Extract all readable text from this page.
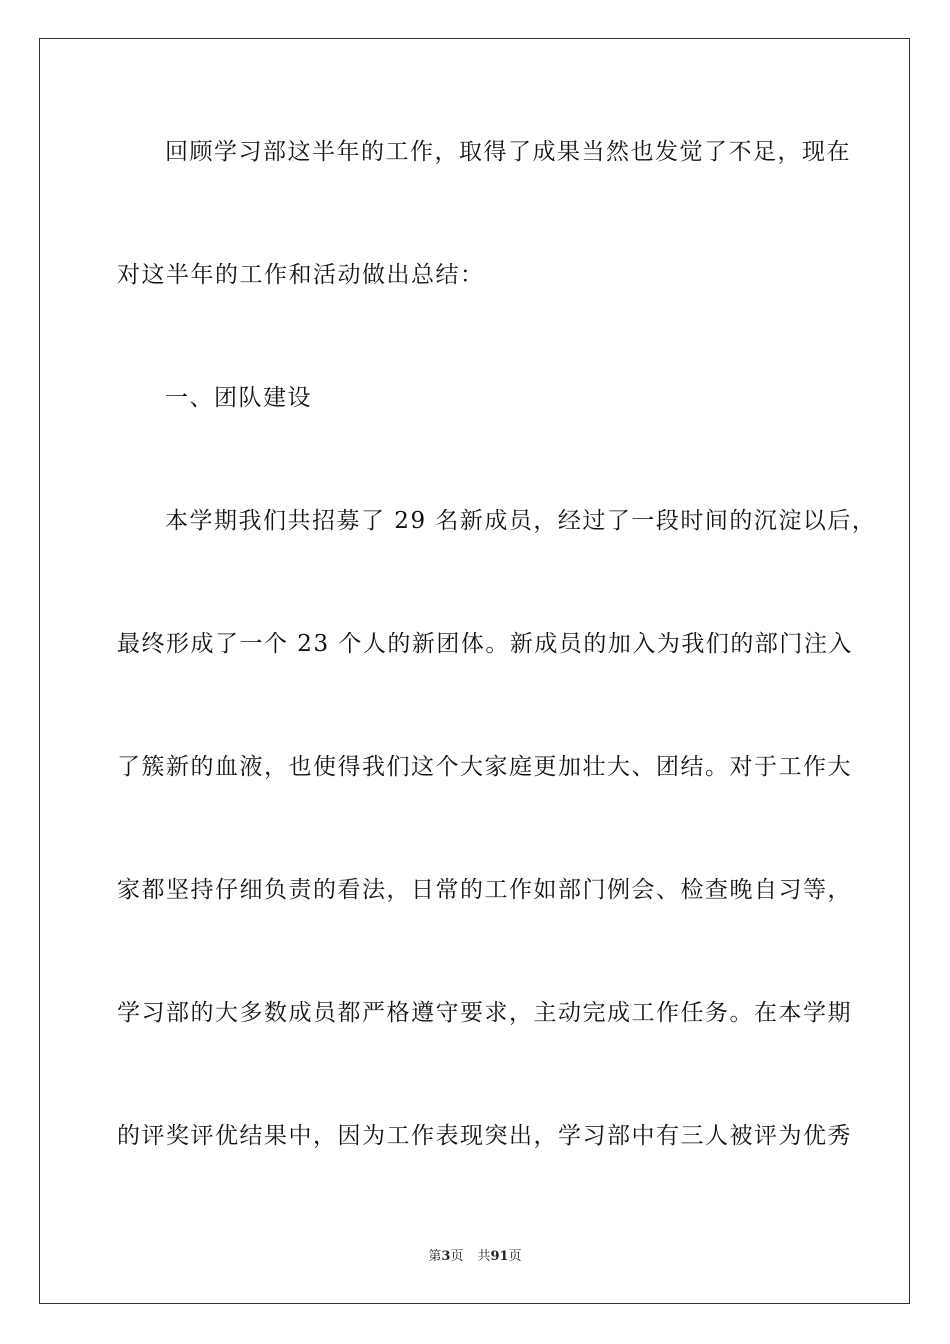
回顾学习部这半年的工作，取得了成果当然也发觉了不足，现在
对这半年的工作和活动做出总结：
一、团队建设
本学期我们共招募了 29 名新成员，经过了一段时间的沉淀以后，
最终形成了一个 23 个人的新团体。新成员的加入为我们的部门注入
了簇新的血液，也使得我们这个大家庭更加壮大、团结。对于工作大
家都坚持仔细负责的看法，日常的工作如部门例会、检查晚自习等，
学习部的大多数成员都严格遵守要求，主动完成工作任务。在本学期
的评奖评优结果中，因为工作表现突出，学习部中有三人被评为优秀
第3页 共91页
